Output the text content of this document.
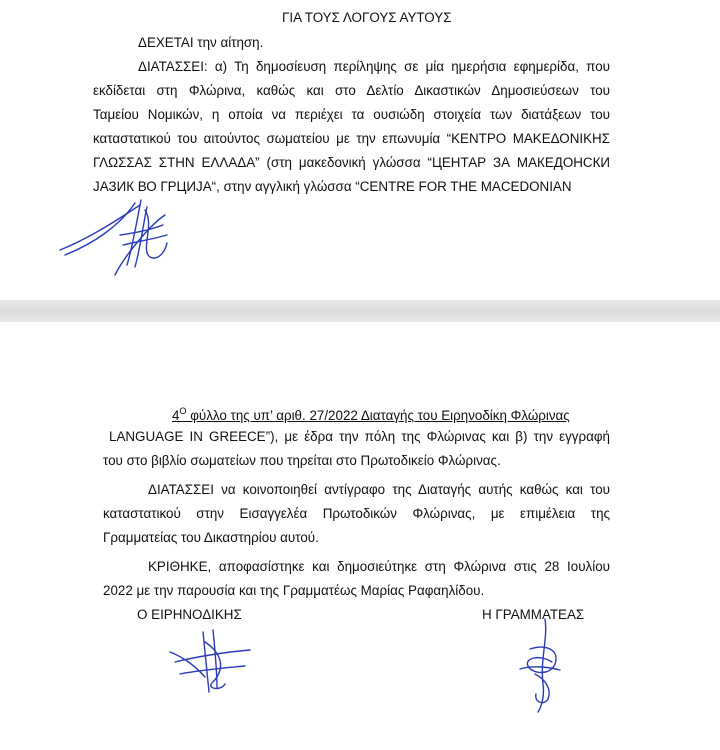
ΓΙΑ ΤΟΥΣ ΛΟΓΟΥΣ ΑΥΤΟΥΣ
ΔΕΧΕΤΑΙ την αίτηση.
ΔΙΑΤΑΣΣΕΙ: α) Τη δημοσίευση περίληψης σε μία ημερήσια εφημερίδα, που
εκδίδεται στη Φλώρινα, καθώς και στο Δελτίο Δικαστικών Δημοσιεύσεων του
Ταμείου Νομικών, η οποία να περιέχει τα ουσιώδη στοιχεία των διατάξεων του
καταστατικού του αιτούντος σωματείου με την επωνυμία “ΚΕΝΤΡΟ ΜΑΚΕΔΟΝΙΚΗΣ
ΓΛΩΣΣΑΣ ΣΤΗΝ ΕΛΛΑΔΑ” (στη μακεδονική γλώσσα “ЦЕНТАР ЗА МАКЕДОНСКИ
ЈАЗИК ВО ГРЦИЈА“, στην αγγλική γλώσσα “CENTRE FOR THE MACEDONIAN
$4^O$ φύλλο της υπ’ αριθ. 27/2022 Διαταγής του Ειρηνοδίκη Φλώρινας
LANGUAGE IN GREECE”), με έδρα την πόλη της Φλώρινας και β) την εγγραφή
του στο βιβλίο σωματείων που τηρείται στο Πρωτοδικείο Φλώρινας.
ΔΙΑΤΑΣΣΕΙ να κοινοποιηθεί αντίγραφο της Διαταγής αυτής καθώς και του
καταστατικού στην Εισαγγελέα Πρωτοδικών Φλώρινας, με επιμέλεια της
Γραμματείας του Δικαστηρίου αυτού.
ΚΡΙΘΗΚΕ, αποφασίστηκε και δημοσιεύτηκε στη Φλώρινα στις 28 Ιουλίου
2022 με την παρουσία και της Γραμματέως Μαρίας Ραφαηλίδου.
Ο ΕΙΡΗΝΟΔΙΚΗΣ	Η ΓΡΑΜΜΑΤΕΑΣ
